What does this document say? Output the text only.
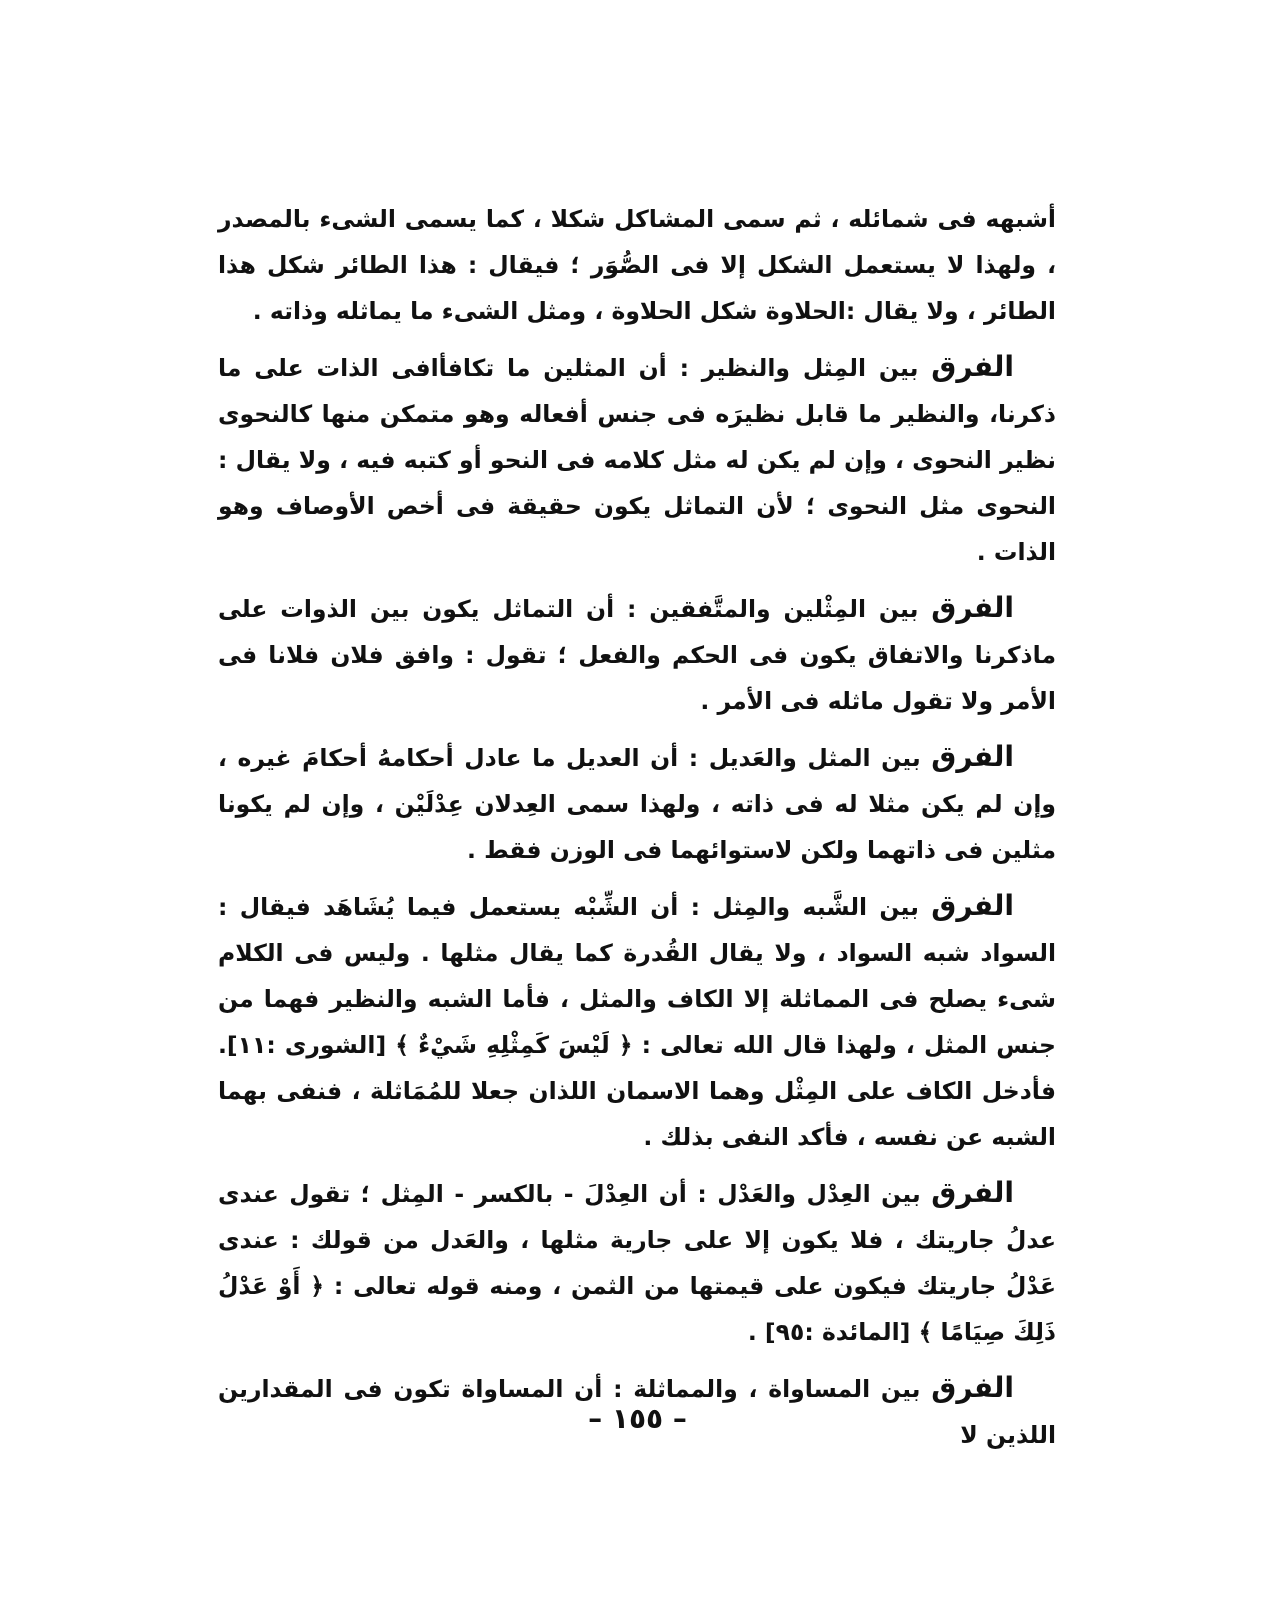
أشبهه فى شمائله ، ثم سمى المشاكل شكلا ، كما يسمى الشىء بالمصدر ، ولهذا لا يستعمل الشكل إلا فى الصُّوَر ؛ فيقال : هذا الطائر شكل هذا الطائر ، ولا يقال :الحلاوة شكل الحلاوة ، ومثل الشىء ما يماثله وذاته .

الفرق بين المِثل والنظير : أن المثلين ما تكافأافى الذات على ما ذكرنا، والنظير ما قابل نظيرَه فى جنس أفعاله وهو متمكن منها كالنحوى نظير النحوى ، وإن لم يكن له مثل كلامه فى النحو أو كتبه فيه ، ولا يقال : النحوى مثل النحوى ؛ لأن التماثل يكون حقيقة فى أخص الأوصاف وهو الذات .

الفرق بين المِثْلين والمتَّفقين : أن التماثل يكون بين الذوات على ماذكرنا والاتفاق يكون فى الحكم والفعل ؛ تقول : وافق فلان فلانا فى الأمر ولا تقول ماثله فى الأمر .

الفرق بين المثل والعَديل : أن العديل ما عادل أحكامهُ أحكامَ غيره ، وإن لم يكن مثلا له فى ذاته ، ولهذا سمى العِدلان عِدْلَيْن ، وإن لم يكونا مثلين فى ذاتهما ولكن لاستوائهما فى الوزن فقط .

الفرق بين الشَّبه والمِثل : أن الشِّبْه يستعمل فيما يُشَاهَد فيقال : السواد شبه السواد ، ولا يقال القُدرة كما يقال مثلها . وليس فى الكلام شىء يصلح فى المماثلة إلا الكاف والمثل ، فأما الشبه والنظير فهما من جنس المثل ، ولهذا قال الله تعالى : ﴿ لَيْسَ كَمِثْلِهِ شَيْءٌ ﴾ [الشورى :١١]. فأدخل الكاف على المِثْل وهما الاسمان اللذان جعلا للمُمَاثلة ، فنفى بهما الشبه عن نفسه ، فأكد النفى بذلك .

الفرق بين العِدْل والعَدْل : أن العِدْلَ - بالكسر - المِثل ؛ تقول عندى عدلُ جاريتك ، فلا يكون إلا على جارية مثلها ، والعَدل من قولك : عندى عَدْلُ جاريتك فيكون على قيمتها من الثمن ، ومنه قوله تعالى : ﴿ أَوْ عَدْلُ ذَلِكَ صِيَامًا ﴾ [المائدة :٩٥] .

الفرق بين المساواة ، والمماثلة : أن المساواة تكون فى المقدارين اللذين لا

– ١٥٥ –
